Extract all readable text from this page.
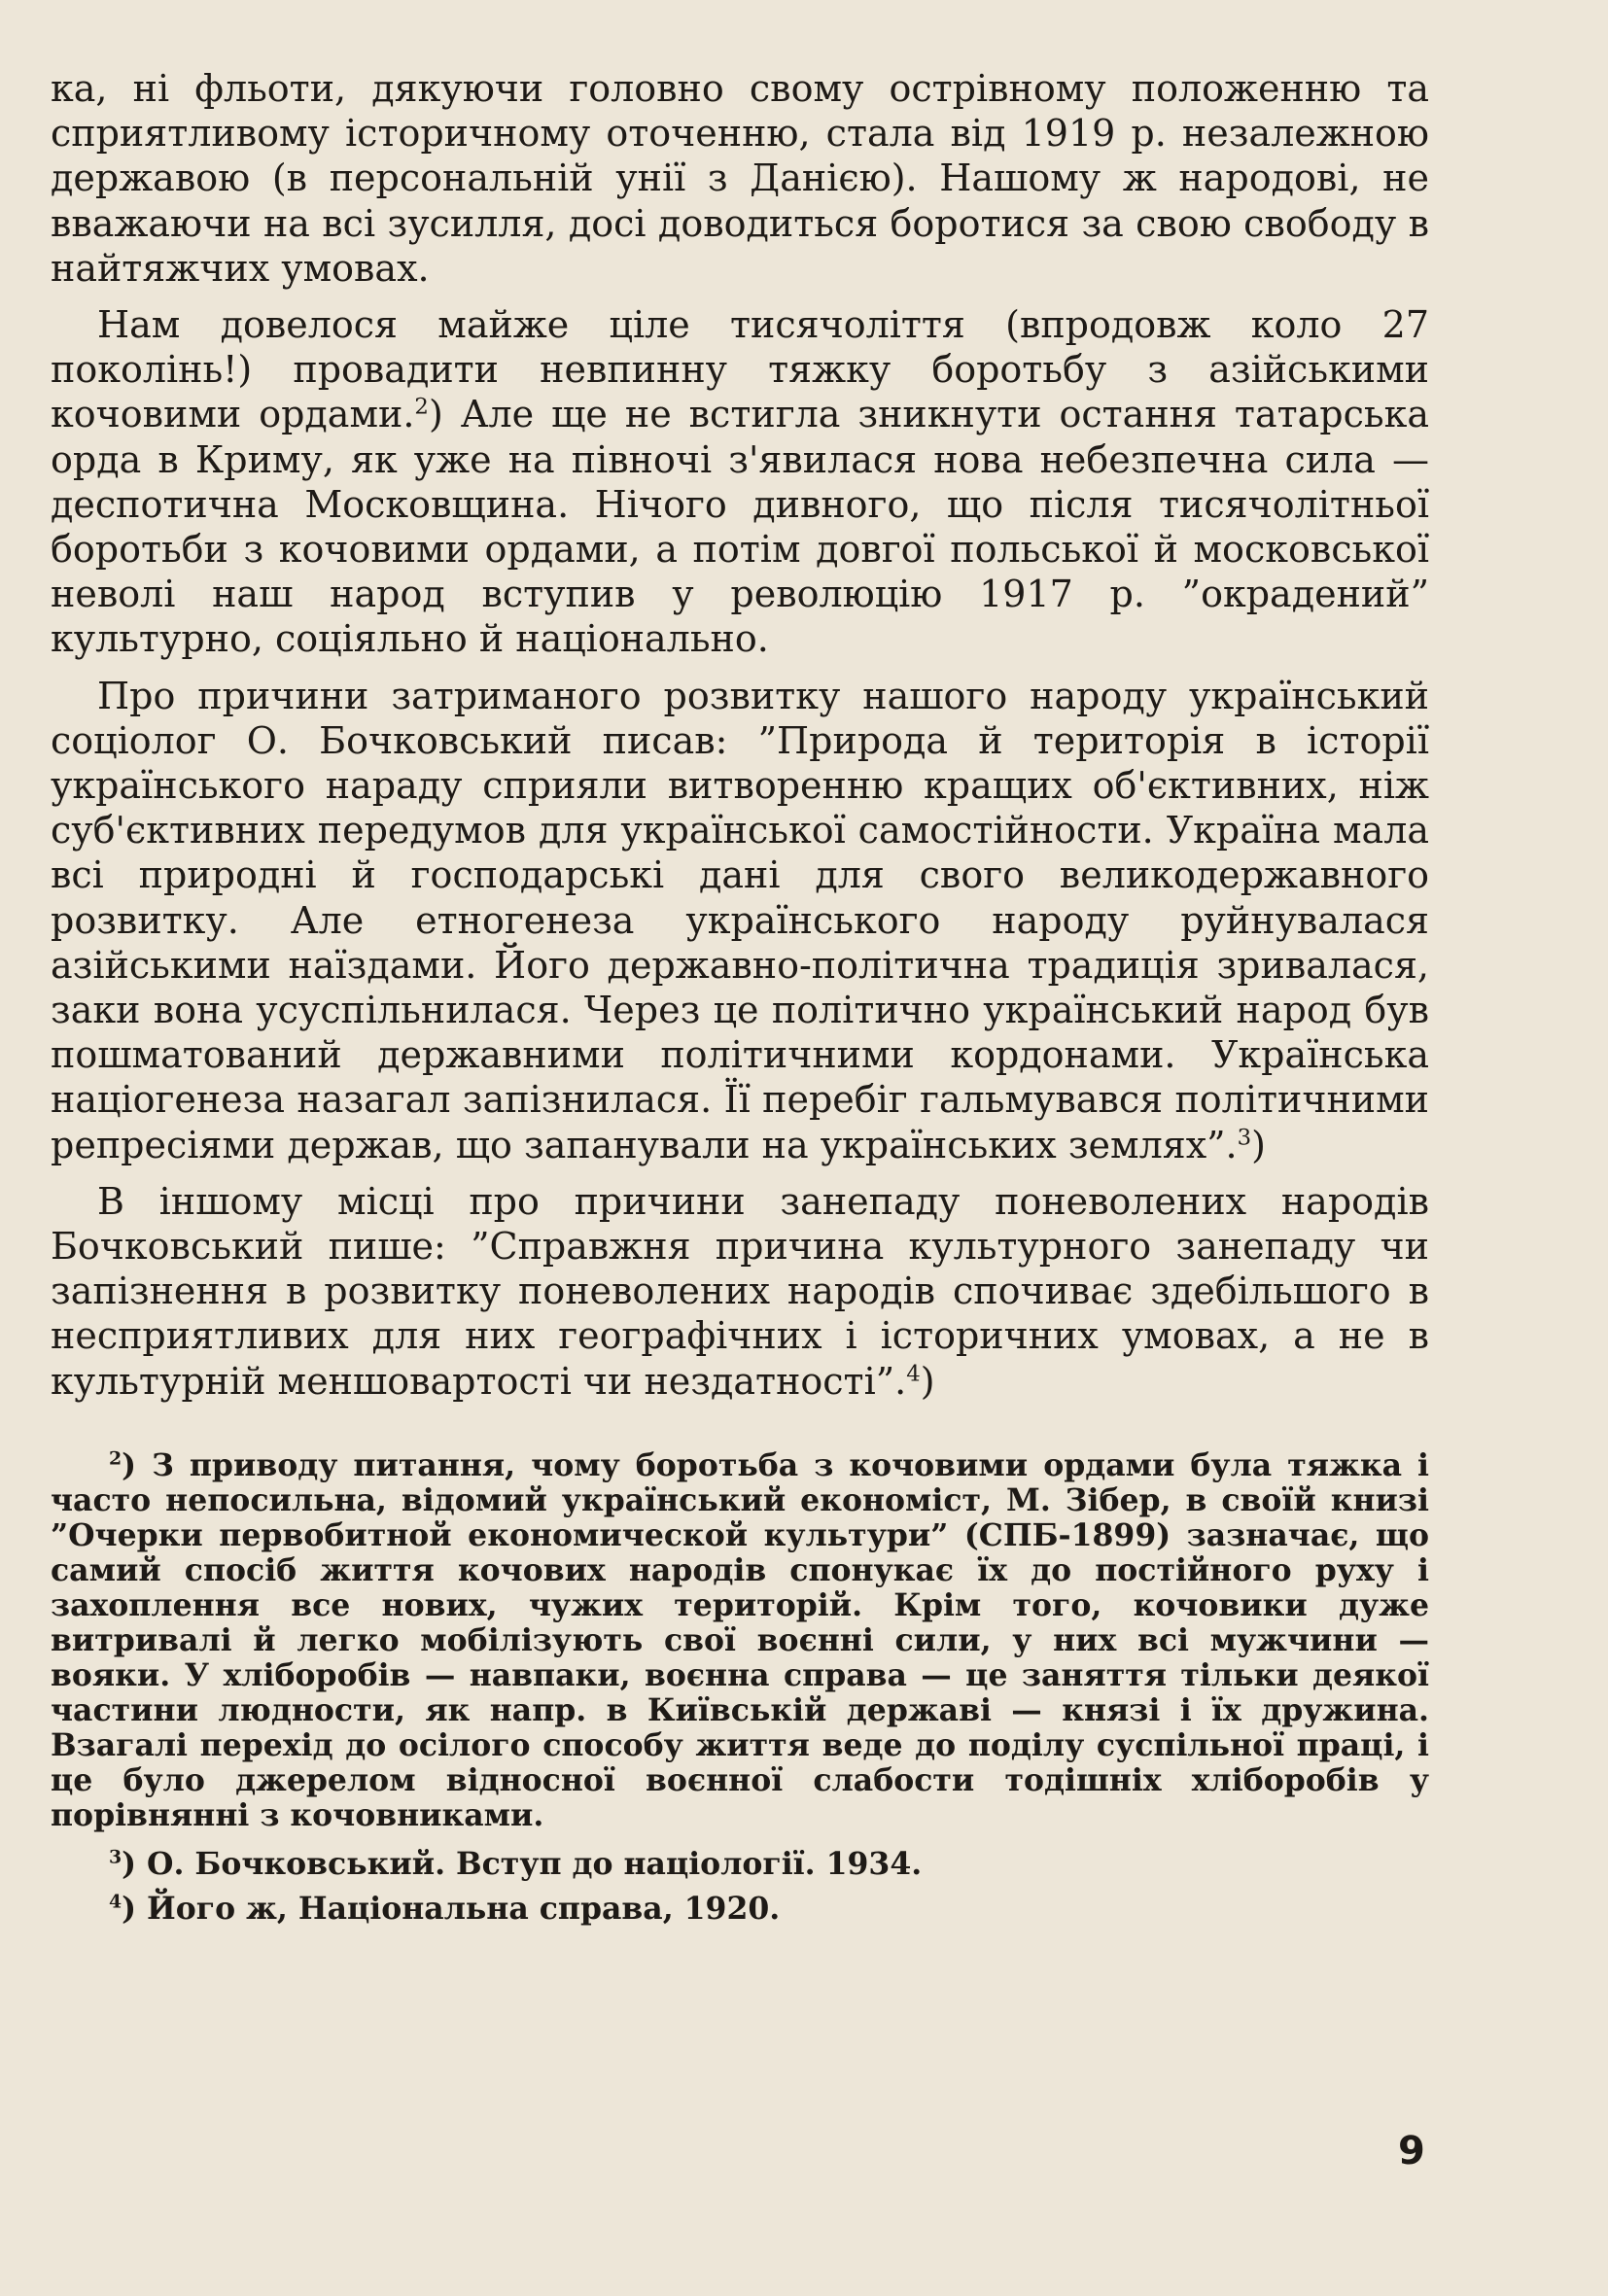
ка, ні фльоти, дякуючи головно свому острівному положенню та сприятливому історичному оточенню, стала від 1919 р. незалежною державою (в персональній унії з Данією). Нашому ж народові, не вважаючи на всі зусилля, досі доводиться боротися за свою свободу в найтяжчих умовах.

Нам довелося майже ціле тисячоліття (впродовж коло 27 поколінь!) провадити невпинну тяжку боротьбу з азійськими кочовими ордами.$^2$) Але ще не встигла зникнути остання татарська орда в Криму, як уже на півночі з'явилася нова небезпечна сила — деспотична Московщина. Нічого дивного, що після тисячолітньої боротьби з кочовими ордами, а потім довгої польської й московської неволі наш народ вступив у революцію 1917 р. ”окрадений” культурно, соціяльно й національно.

Про причини затриманого розвитку нашого народу український соціолог О. Бочковський писав: ”Природа й територія в історії українського нараду сприяли витворенню кращих об'єктивних, ніж суб'єктивних передумов для української самостійности. Україна мала всі природні й господарські дані для свого великодержавного розвитку. Але етногенеза українського народу руйнувалася азійськими наїздами. Його державно-політична традиція зривалася, заки вона усуспільнилася. Через це політично український народ був пошматований державними політичними кордонами. Українська націогенеза назагал запізнилася. Її перебіг гальмувався політичними репресіями держав, що запанували на українських землях”.$^3$)

В іншому місці про причини занепаду поневолених народів Бочковський пише: ”Справжня причина культурного занепаду чи запізнення в розвитку поневолених народів спочиває здебільшого в несприятливих для них географічних і історичних умовах, а не в культурній меншовартості чи нездатності”.$^4$)

$^2$) З приводу питання, чому боротьба з кочовими ордами була тяжка і часто непосильна, відомий український економіст, М. Зібер, в своїй книзі ”Очерки первобитной економической культури” (СПБ-1899) зазначає, що самий спосіб життя кочових народів спонукає їх до постійного руху і захоплення все нових, чужих територій. Крім того, кочовики дуже витривалі й легко мобілізують свої воєнні сили, у них всі мужчини — вояки. У хліборобів — навпаки, воєнна справа — це заняття тільки деякої частини людности, як напр. в Київській державі — князі і їх дружина. Взагалі перехід до осілого способу життя веде до поділу суспільної праці, і це було джерелом відносної воєнної слабости тодішніх хліборобів у порівнянні з кочовниками.

$^3$) О. Бочковський. Вступ до націології. 1934.

$^4$) Його ж, Національна справа, 1920.

9
